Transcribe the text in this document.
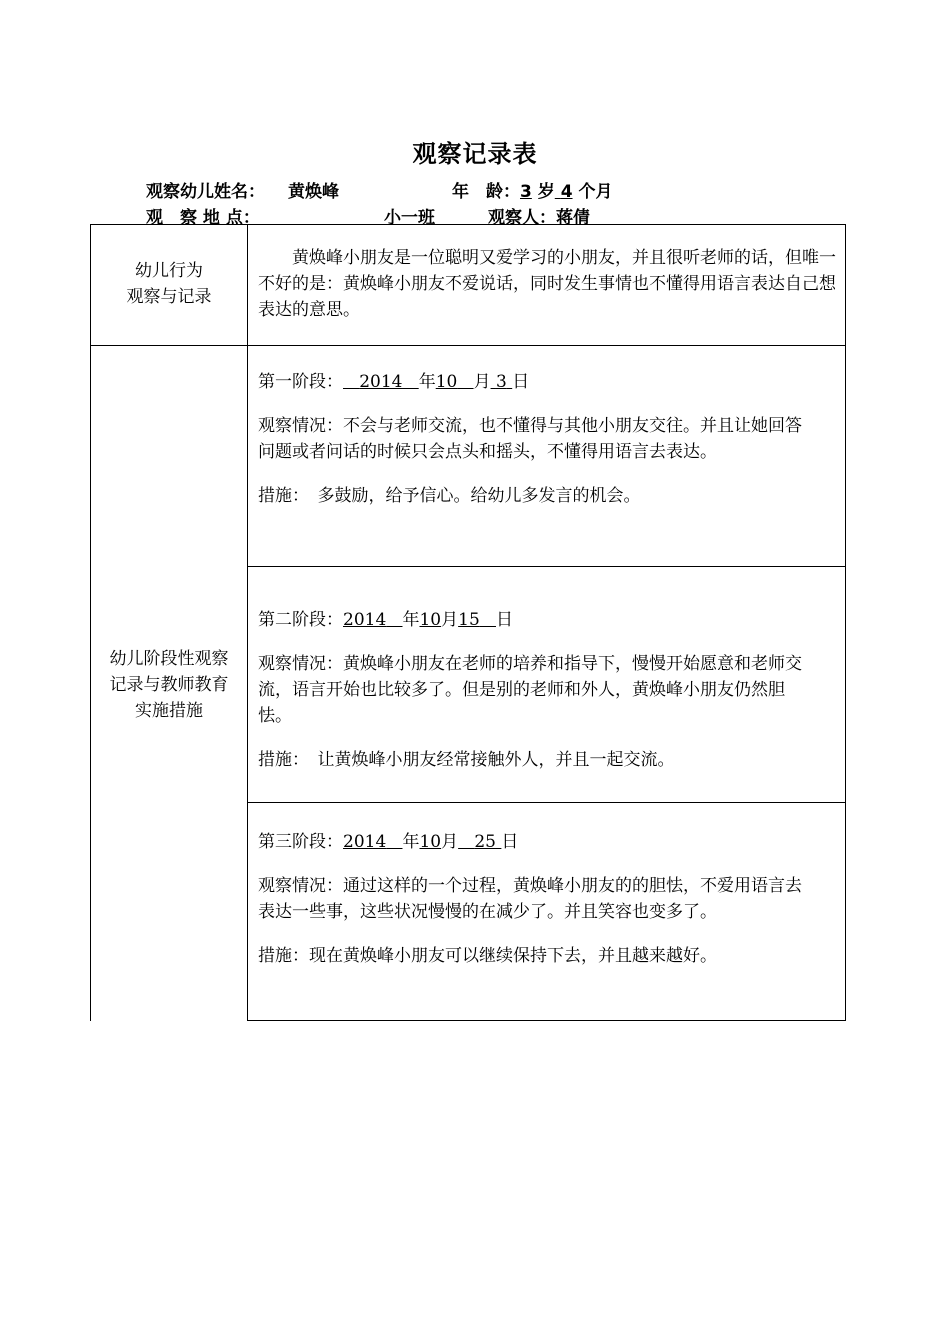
观察记录表
观察幼儿姓名： 黄焕峰	年　龄：3 岁 4 个月
观　察 地 点：	小一班	观察人：蒋倩
幼儿行为
观察与记录
黄焕峰小朋友是一位聪明又爱学习的小朋友，并且很听老师的话，但唯一不好的是：黄焕峰小朋友不爱说话，同时发生事情也不懂得用语言表达自己想表达的意思。
幼儿阶段性观察
记录与教师教育
实施措施

第一阶段： 2014 年10 月 3 日

观察情况：不会与老师交流，也不懂得与其他小朋友交往。并且让她回答问题或者问话的时候只会点头和摇头，不懂得用语言去表达。

措施：　多鼓励，给予信心。给幼儿多发言的机会。

第二阶段：2014 年10月15 日

观察情况：黄焕峰小朋友在老师的培养和指导下，慢慢开始愿意和老师交流，语言开始也比较多了。但是别的老师和外人，黄焕峰小朋友仍然胆怯。

措施：　让黄焕峰小朋友经常接触外人，并且一起交流。

第三阶段：2014 年10月 25 日

观察情况：通过这样的一个过程，黄焕峰小朋友的的胆怯，不爱用语言去表达一些事，这些状况慢慢的在减少了。并且笑容也变多了。

措施：现在黄焕峰小朋友可以继续保持下去，并且越来越好。
